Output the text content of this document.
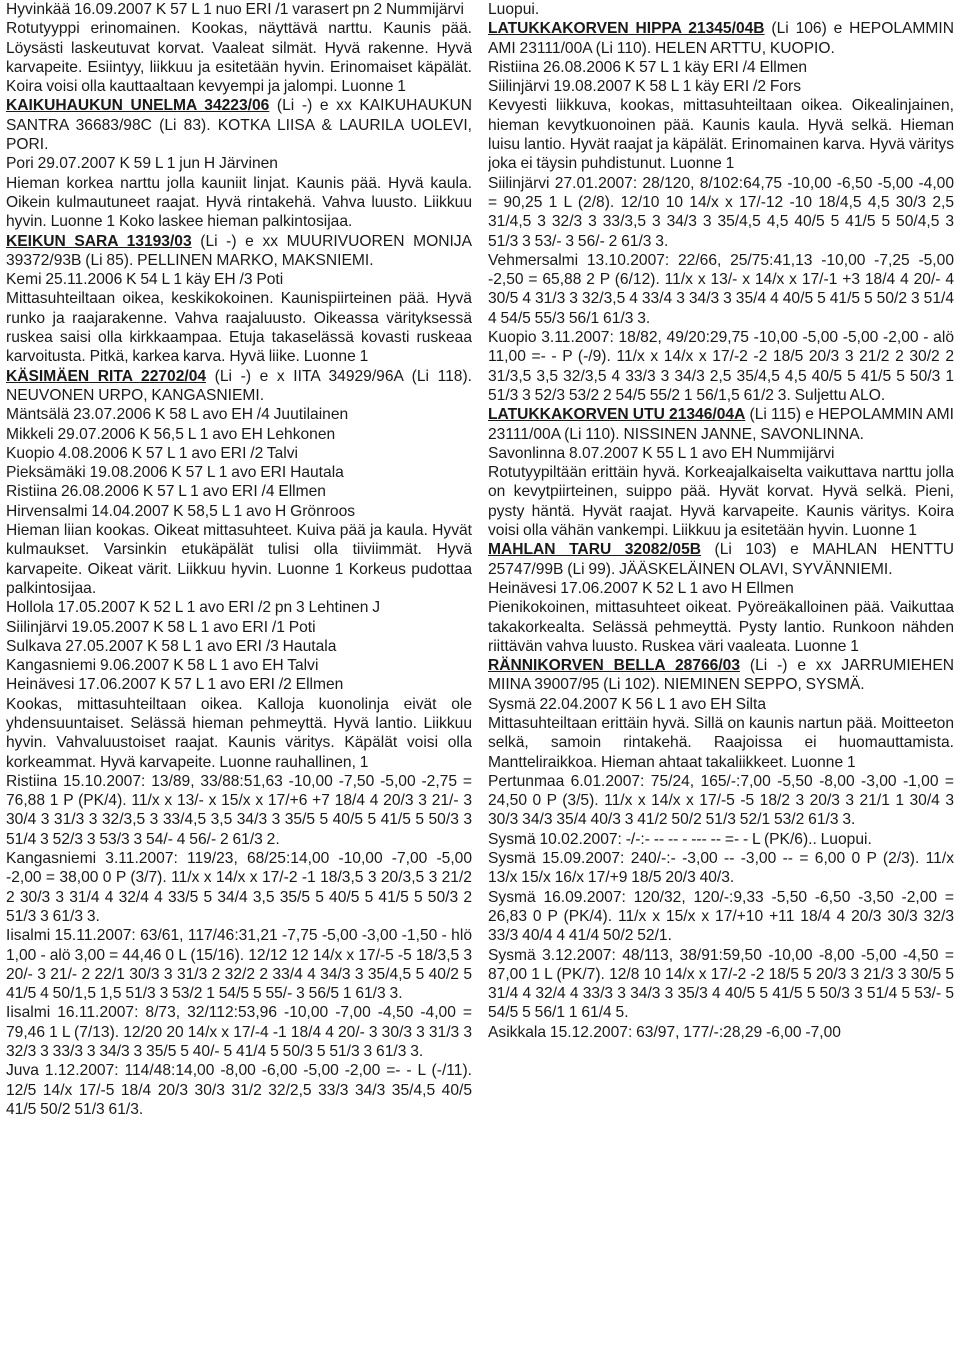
Hyvinkää 16.09.2007 K 57 L 1 nuo ERI /1 varasert pn 2 Nummijärvi

Rotutyyppi erinomainen. Kookas, näyttävä narttu. Kaunis pää. Löysästi laskeutuvat korvat. Vaaleat silmät. Hyvä rakenne. Hyvä karvapeite. Esiintyy, liikkuu ja esitetään hyvin. Erinomaiset käpälät. Koira voisi olla kauttaaltaan kevyempi ja jalompi. Luonne 1

KAIKUHAUKUN UNELMA 34223/06 (Li -) e xx KAIKUHAUKUN SANTRA 36683/98C (Li 83). KOTKA LIISA & LAURILA UOLEVI, PORI.

Pori 29.07.2007 K 59 L 1 jun H Järvinen

Hieman korkea narttu jolla kauniit linjat. Kaunis pää. Hyvä kaula. Oikein kulmautuneet raajat. Hyvä rintakehä. Vahva luusto. Liikkuu hyvin. Luonne 1 Koko laskee hieman palkintosijaa.

KEIKUN SARA 13193/03 (Li -) e xx MUURIVUOREN MONIJA 39372/93B (Li 85). PELLINEN MARKO, MAKSNIEMI.

Kemi 25.11.2006 K 54 L 1 käy EH /3 Poti

Mittasuhteiltaan oikea, keskikokoinen. Kaunispiirteinen pää. Hyvä runko ja raajarakenne. Vahva raajaluusto. Oikeassa värityksessä ruskea saisi olla kirkkaampaa. Etuja takaselässä kovasti ruskeaa karvoitusta. Pitkä, karkea karva. Hyvä liike. Luonne 1

KÄSIMÄEN RITA 22702/04 (Li -) e x IITA 34929/96A (Li 118). NEUVONEN URPO, KANGASNIEMI.

Mäntsälä 23.07.2006 K 58 L avo EH /4 Juutilainen

Mikkeli 29.07.2006 K 56,5 L 1 avo EH Lehkonen

Kuopio 4.08.2006 K 57 L 1 avo ERI /2 Talvi

Pieksämäki 19.08.2006 K 57 L 1 avo ERI Hautala

Ristiina 26.08.2006 K 57 L 1 avo ERI /4 Ellmen

Hirvensalmi 14.04.2007 K 58,5 L 1 avo H Grönroos

Hieman liian kookas. Oikeat mittasuhteet. Kuiva pää ja kaula. Hyvät kulmaukset. Varsinkin etukäpälät tulisi olla tiiviimmät. Hyvä karvapeite. Oikeat värit. Liikkuu hyvin. Luonne 1 Korkeus pudottaa palkintosijaa.

Hollola 17.05.2007 K 52 L 1 avo ERI /2 pn 3 Lehtinen J

Siilinjärvi 19.05.2007 K 58 L 1 avo ERI /1 Poti

Sulkava 27.05.2007 K 58 L 1 avo ERI /3 Hautala

Kangasniemi 9.06.2007 K 58 L 1 avo EH Talvi

Heinävesi 17.06.2007 K 57 L 1 avo ERI /2 Ellmen

Kookas, mittasuhteiltaan oikea. Kalloja kuonolinja eivät ole yhdensuuntaiset. Selässä hieman pehmeyttä. Hyvä lantio. Liikkuu hyvin. Vahvaluustoiset raajat. Kaunis väritys. Käpälät voisi olla korkeammat. Hyvä karvapeite. Luonne rauhallinen, 1

Ristiina 15.10.2007: 13/89, 33/88:51,63 -10,00 -7,50 -5,00 -2,75 = 76,88 1 P (PK/4). 11/x x 13/- x 15/x x 17/+6 +7 18/4 4 20/3 3 21/- 3 30/4 3 31/3 3 32/3,5 3 33/4,5 3,5 34/3 3 35/5 5 40/5 5 41/5 5 50/3 3 51/4 3 52/3 3 53/3 3 54/- 4 56/- 2 61/3 2.

Kangasniemi 3.11.2007: 119/23, 68/25:14,00 -10,00 -7,00 -5,00 -2,00 = 38,00 0 P (3/7). 11/x x 14/x x 17/-2 -1 18/3,5 3 20/3,5 3 21/2 2 30/3 3 31/4 4 32/4 4 33/5 5 34/4 3,5 35/5 5 40/5 5 41/5 5 50/3 2 51/3 3 61/3 3.

Iisalmi 15.11.2007: 63/61, 117/46:31,21 -7,75 -5,00 -3,00 -1,50 - hlö 1,00 - alö 3,00 = 44,46 0 L (15/16). 12/12 12 14/x x 17/-5 -5 18/3,5 3 20/- 3 21/- 2 22/1 30/3 3 31/3 2 32/2 2 33/4 4 34/3 3 35/4,5 5 40/2 5 41/5 4 50/1,5 1,5 51/3 3 53/2 1 54/5 5 55/- 3 56/5 1 61/3 3.

Iisalmi 16.11.2007: 8/73, 32/112:53,96 -10,00 -7,00 -4,50 -4,00 = 79,46 1 L (7/13). 12/20 20 14/x x 17/-4 -1 18/4 4 20/- 3 30/3 3 31/3 3 32/3 3 33/3 3 34/3 3 35/5 5 40/- 5 41/4 5 50/3 5 51/3 3 61/3 3.

Juva 1.12.2007: 114/48:14,00 -8,00 -6,00 -5,00 -2,00 =- - L (-/11). 12/5 14/x 17/-5 18/4 20/3 30/3 31/2 32/2,5 33/3 34/3 35/4,5 40/5 41/5 50/2 51/3 61/3.

Luopui.

LATUKKAKORVEN HIPPA 21345/04B (Li 106) e HEPOLAMMIN AMI 23111/00A (Li 110). HELEN ARTTU, KUOPIO.

Ristiina 26.08.2006 K 57 L 1 käy ERI /4 Ellmen

Siilinjärvi 19.08.2007 K 58 L 1 käy ERI /2 Fors

Kevyesti liikkuva, kookas, mittasuhteiltaan oikea. Oikealinjainen, hieman kevytkuonoinen pää. Kaunis kaula. Hyvä selkä. Hieman luisu lantio. Hyvät raajat ja käpälät. Erinomainen karva. Hyvä väritys joka ei täysin puhdistunut. Luonne 1

Siilinjärvi 27.01.2007: 28/120, 8/102:64,75 -10,00 -6,50 -5,00 -4,00 = 90,25 1 L (2/8). 12/10 10 14/x x 17/-12 -10 18/4,5 4,5 30/3 2,5 31/4,5 3 32/3 3 33/3,5 3 34/3 3 35/4,5 4,5 40/5 5 41/5 5 50/4,5 3 51/3 3 53/- 3 56/- 2 61/3 3.

Vehmersalmi 13.10.2007: 22/66, 25/75:41,13 -10,00 -7,25 -5,00 -2,50 = 65,88 2 P (6/12). 11/x x 13/- x 14/x x 17/-1 +3 18/4 4 20/- 4 30/5 4 31/3 3 32/3,5 4 33/4 3 34/3 3 35/4 4 40/5 5 41/5 5 50/2 3 51/4 4 54/5 55/3 56/1 61/3 3.

Kuopio 3.11.2007: 18/82, 49/20:29,75 -10,00 -5,00 -5,00 -2,00 - alö 11,00 =- - P (-/9). 11/x x 14/x x 17/-2 -2 18/5 20/3 3 21/2 2 30/2 2 31/3,5 3,5 32/3,5 4 33/3 3 34/3 2,5 35/4,5 4,5 40/5 5 41/5 5 50/3 1 51/3 3 52/3 53/2 2 54/5 55/2 1 56/1,5 61/2 3. Suljettu ALO.

LATUKKAKORVEN UTU 21346/04A (Li 115) e HEPOLAMMIN AMI 23111/00A (Li 110). NISSINEN JANNE, SAVONLINNA.

Savonlinna 8.07.2007 K 55 L 1 avo EH Nummijärvi

Rotutyypiltään erittäin hyvä. Korkeajalkaiselta vaikuttava narttu jolla on kevytpiirteinen, suippo pää. Hyvät korvat. Hyvä selkä. Pieni, pysty häntä. Hyvät raajat. Hyvä karvapeite. Kaunis väritys. Koira voisi olla vähän vankempi. Liikkuu ja esitetään hyvin. Luonne 1

MAHLAN TARU 32082/05B (Li 103) e MAHLAN HENTTU 25747/99B (Li 99). JÄÄSKELÄINEN OLAVI, SYVÄNNIEMI.

Heinävesi 17.06.2007 K 52 L 1 avo H Ellmen

Pienikokoinen, mittasuhteet oikeat. Pyöreäkalloinen pää. Vaikuttaa takakorkealta. Selässä pehmeyttä. Pysty lantio. Runkoon nähden riittävän vahva luusto. Ruskea väri vaaleata. Luonne 1

RÄNNIKORVEN BELLA 28766/03 (Li -) e xx JARRUMIEHEN MIINA 39007/95 (Li 102). NIEMINEN SEPPO, SYSMÄ.

Sysmä 22.04.2007 K 56 L 1 avo EH Silta

Mittasuhteiltaan erittäin hyvä. Sillä on kaunis nartun pää. Moitteeton selkä, samoin rintakehä. Raajoissa ei huomauttamista. Mantteliraikkoa. Hieman ahtaat takaliikkeet. Luonne 1

Pertunmaa 6.01.2007: 75/24, 165/-:7,00 -5,50 -8,00 -3,00 -1,00 = 24,50 0 P (3/5). 11/x x 14/x x 17/-5 -5 18/2 3 20/3 3 21/1 1 30/4 3 30/3 34/3 35/4 40/3 3 41/2 50/2 51/3 52/1 53/2 61/3 3.

Sysmä 10.02.2007: -/-:- -- -- - --- -- =- - L (PK/6).. Luopui.

Sysmä 15.09.2007: 240/-:- -3,00 -- -3,00 -- = 6,00 0 P (2/3). 11/x 13/x 15/x 16/x 17/+9 18/5 20/3 40/3.

Sysmä 16.09.2007: 120/32, 120/-:9,33 -5,50 -6,50 -3,50 -2,00 = 26,83 0 P (PK/4). 11/x x 15/x x 17/+10 +11 18/4 4 20/3 30/3 32/3 33/3 40/4 4 41/4 50/2 52/1.

Sysmä 3.12.2007: 48/113, 38/91:59,50 -10,00 -8,00 -5,00 -4,50 = 87,00 1 L (PK/7). 12/8 10 14/x x 17/-2 -2 18/5 5 20/3 3 21/3 3 30/5 5 31/4 4 32/4 4 33/3 3 34/3 3 35/3 4 40/5 5 41/5 5 50/3 3 51/4 5 53/- 5 54/5 5 56/1 1 61/4 5.

Asikkala 15.12.2007: 63/97, 177/-:28,29 -6,00 -7,00
